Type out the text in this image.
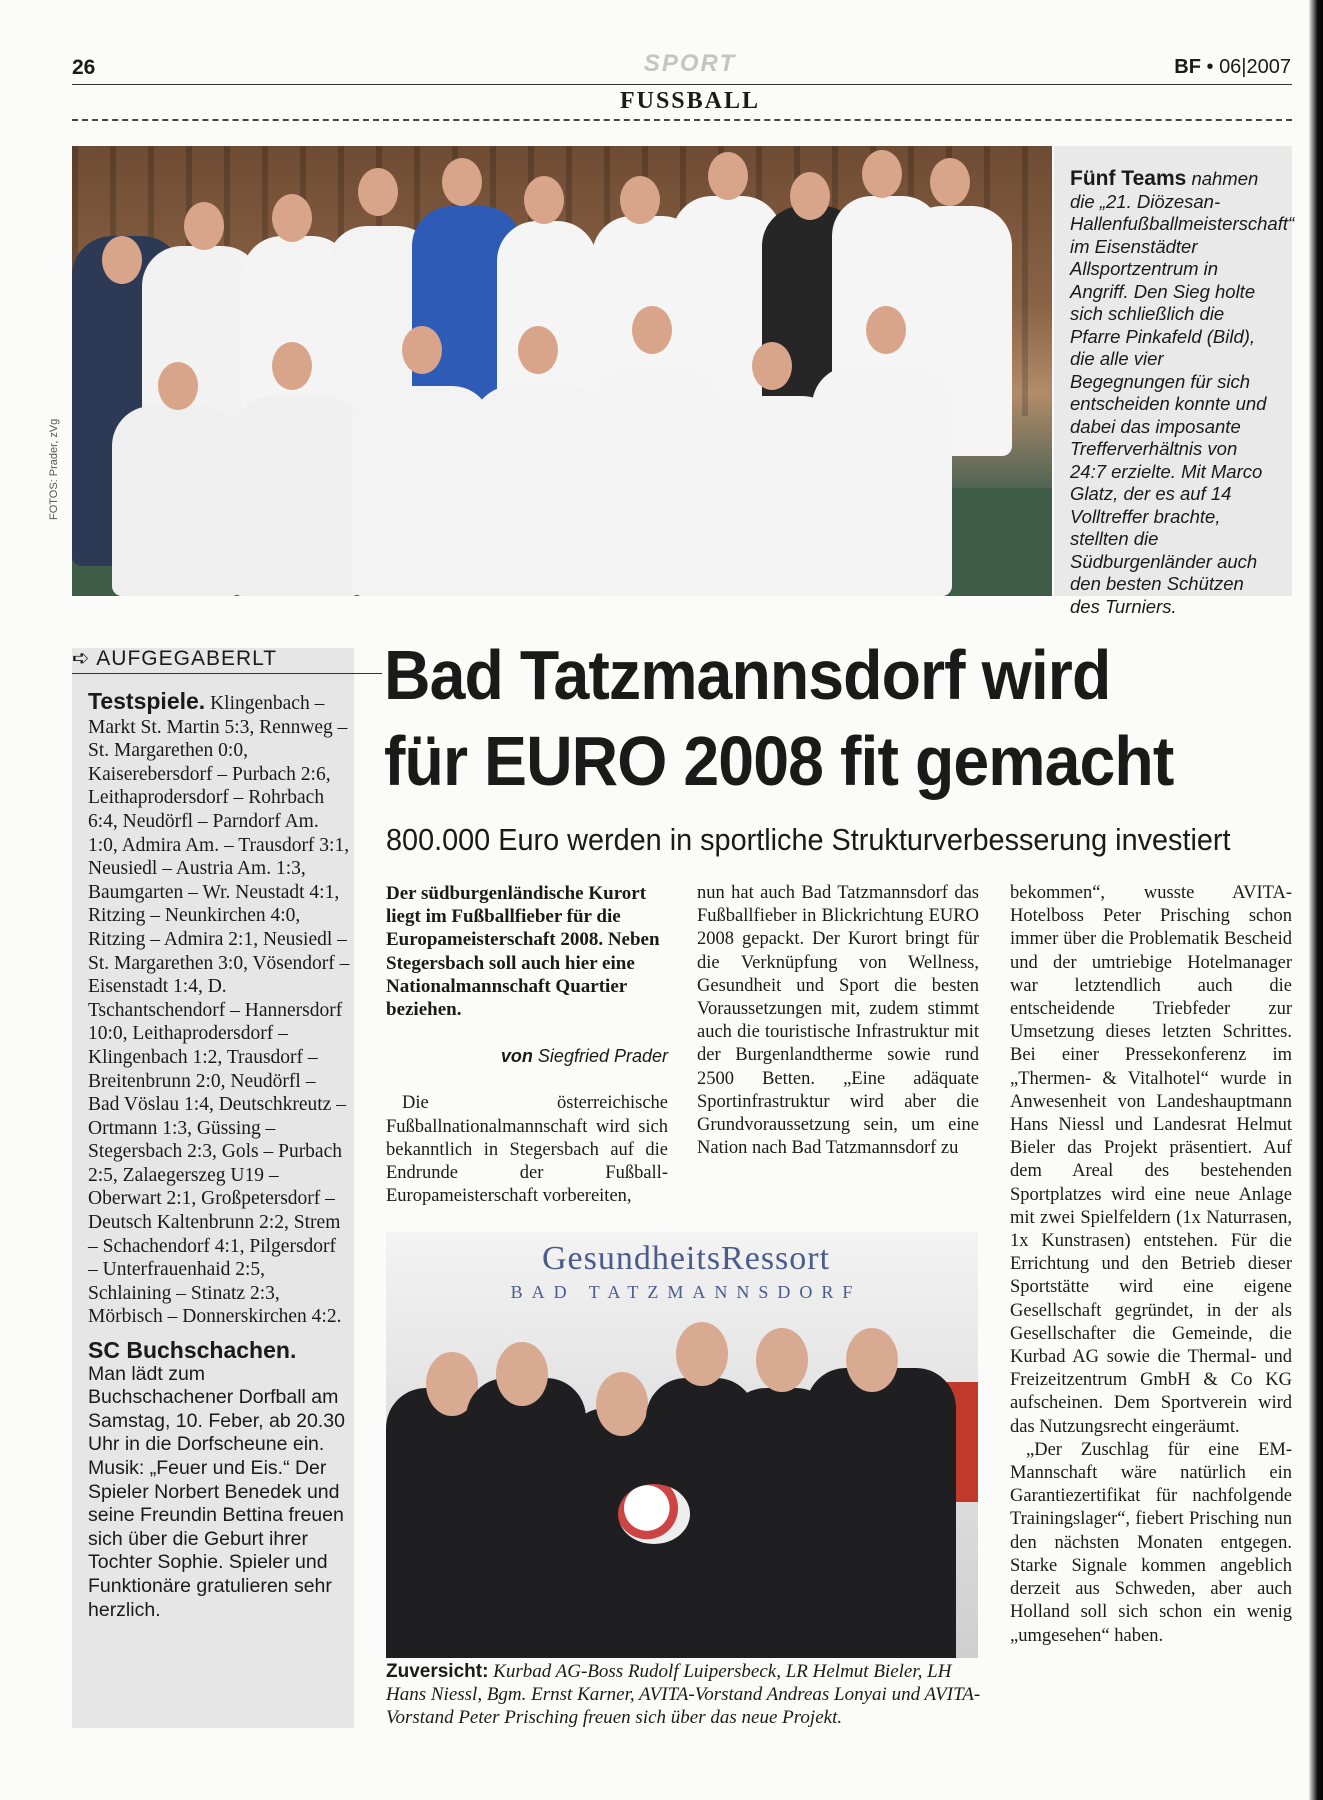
26	SPORT	BF • 06|2007
FUSSBALL
FOTOS: Prader, zVg
Fünf Teams nahmen die „21. Diözesan-Hallenfußballmeisterschaft“ im Eisenstädter Allsportzentrum in Angriff. Den Sieg holte sich schließlich die Pfarre Pinkafeld (Bild), die alle vier Begegnungen für sich entscheiden konnte und dabei das imposante Trefferverhältnis von 24:7 erzielte. Mit Marco Glatz, der es auf 14 Volltreffer brachte, stellten die Südburgenländer auch den besten Schützen des Turniers.
➪ AUFGEGABERLT

Testspiele. Klingenbach – Markt St. Martin 5:3, Rennweg – St. Margarethen 0:0, Kaiserebersdorf – Purbach 2:6, Leithaprodersdorf – Rohrbach 6:4, Neudörfl – Parndorf Am. 1:0, Admira Am. – Trausdorf 3:1, Neusiedl – Austria Am. 1:3, Baumgarten – Wr. Neustadt 4:1, Ritzing – Neunkirchen 4:0, Ritzing – Admira 2:1, Neusiedl – St. Margarethen 3:0, Vösendorf – Eisenstadt 1:4, D. Tschantschendorf – Hannersdorf 10:0, Leithaprodersdorf – Klingenbach 1:2, Trausdorf – Breitenbrunn 2:0, Neudörfl – Bad Vöslau 1:4, Deutschkreutz – Ortmann 1:3, Güssing – Stegersbach 2:3, Gols – Purbach 2:5, Zalaegerszeg U19 – Oberwart 2:1, Großpetersdorf – Deutsch Kaltenbrunn 2:2, Strem – Schachendorf 4:1, Pilgersdorf – Unterfrauenhaid 2:5, Schlaining – Stinatz 2:3, Mörbisch – Donnerskirchen 4:2.

SC Buchschachen.
Man lädt zum Buchschachener Dorfball am Samstag, 10. Feber, ab 20.30 Uhr in die Dorfscheune ein. Musik: „Feuer und Eis.“ Der Spieler Norbert Benedek und seine Freundin Bettina freuen sich über die Geburt ihrer Tochter Sophie. Spieler und Funktionäre gratulieren sehr herzlich.

Bad Tatzmannsdorf wird
für EURO 2008 fit gemacht
800.000 Euro werden in sportliche Strukturverbesserung investiert

Der südburgenländische Kurort liegt im Fußballfieber für die Europameisterschaft 2008. Neben Stegersbach soll auch hier eine Nationalmannschaft Quartier beziehen.

von Siegfried Prader

Die österreichische Fußballnationalmannschaft wird sich bekanntlich in Stegersbach auf die Endrunde der Fußball-Europameisterschaft vorbereiten,

nun hat auch Bad Tatzmannsdorf das Fußballfieber in Blickrichtung EURO 2008 gepackt. Der Kurort bringt für die Verknüpfung von Wellness, Gesundheit und Sport die besten Voraussetzungen mit, zudem stimmt auch die touristische Infrastruktur mit der Burgenlandtherme sowie rund 2500 Betten. „Eine adäquate Sportinfrastruktur wird aber die Grundvoraussetzung sein, um eine Nation nach Bad Tatzmannsdorf zu

bekommen“, wusste AVITA-Hotelboss Peter Prisching schon immer über die Problematik Bescheid und der umtriebige Hotelmanager war letztendlich auch die entscheidende Triebfeder zur Umsetzung dieses letzten Schrittes. Bei einer Pressekonferenz im „Thermen- & Vitalhotel“ wurde in Anwesenheit von Landeshauptmann Hans Niessl und Landesrat Helmut Bieler das Projekt präsentiert. Auf dem Areal des bestehenden Sportplatzes wird eine neue Anlage mit zwei Spielfeldern (1x Naturrasen, 1x Kunstrasen) entstehen. Für die Errichtung und den Betrieb dieser Sportstätte wird eine eigene Gesellschaft gegründet, in der als Gesellschafter die Gemeinde, die Kurbad AG sowie die Thermal- und Freizeitzentrum GmbH & Co KG aufscheinen. Dem Sportverein wird das Nutzungsrecht eingeräumt.

„Der Zuschlag für eine EM-Mannschaft wäre natürlich ein Garantiezertifikat für nachfolgende Trainingslager“, fiebert Prisching nun den nächsten Monaten entgegen. Starke Signale kommen angeblich derzeit aus Schweden, aber auch Holland soll sich schon ein wenig „umgesehen“ haben.

GesundheitsRessort
BAD TATZMANNSDORF
Zuversicht: Kurbad AG-Boss Rudolf Luipersbeck, LR Helmut Bieler, LH Hans Niessl, Bgm. Ernst Karner, AVITA-Vorstand Andreas Lonyai und AVITA-Vorstand Peter Prisching freuen sich über das neue Projekt.
